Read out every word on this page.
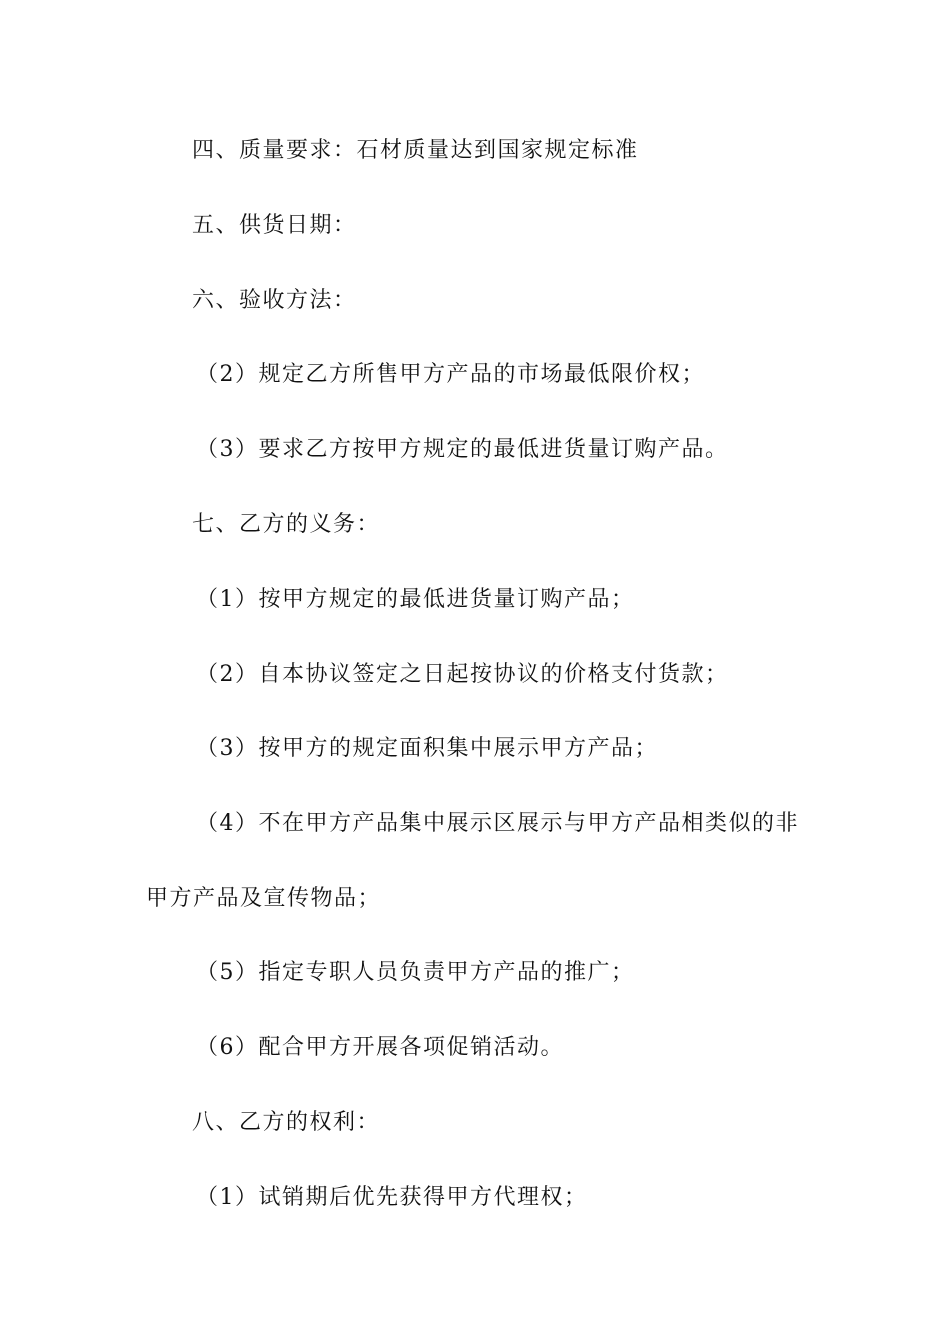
四、质量要求：石材质量达到国家规定标准
五、供货日期：
六、验收方法：
（2）规定乙方所售甲方产品的市场最低限价权；
（3）要求乙方按甲方规定的最低进货量订购产品。
七、乙方的义务：
（1）按甲方规定的最低进货量订购产品；
（2）自本协议签定之日起按协议的价格支付货款；
（3）按甲方的规定面积集中展示甲方产品；
（4）不在甲方产品集中展示区展示与甲方产品相类似的非
甲方产品及宣传物品；
（5）指定专职人员负责甲方产品的推广；
（6）配合甲方开展各项促销活动。
八、乙方的权利：
（1）试销期后优先获得甲方代理权；
